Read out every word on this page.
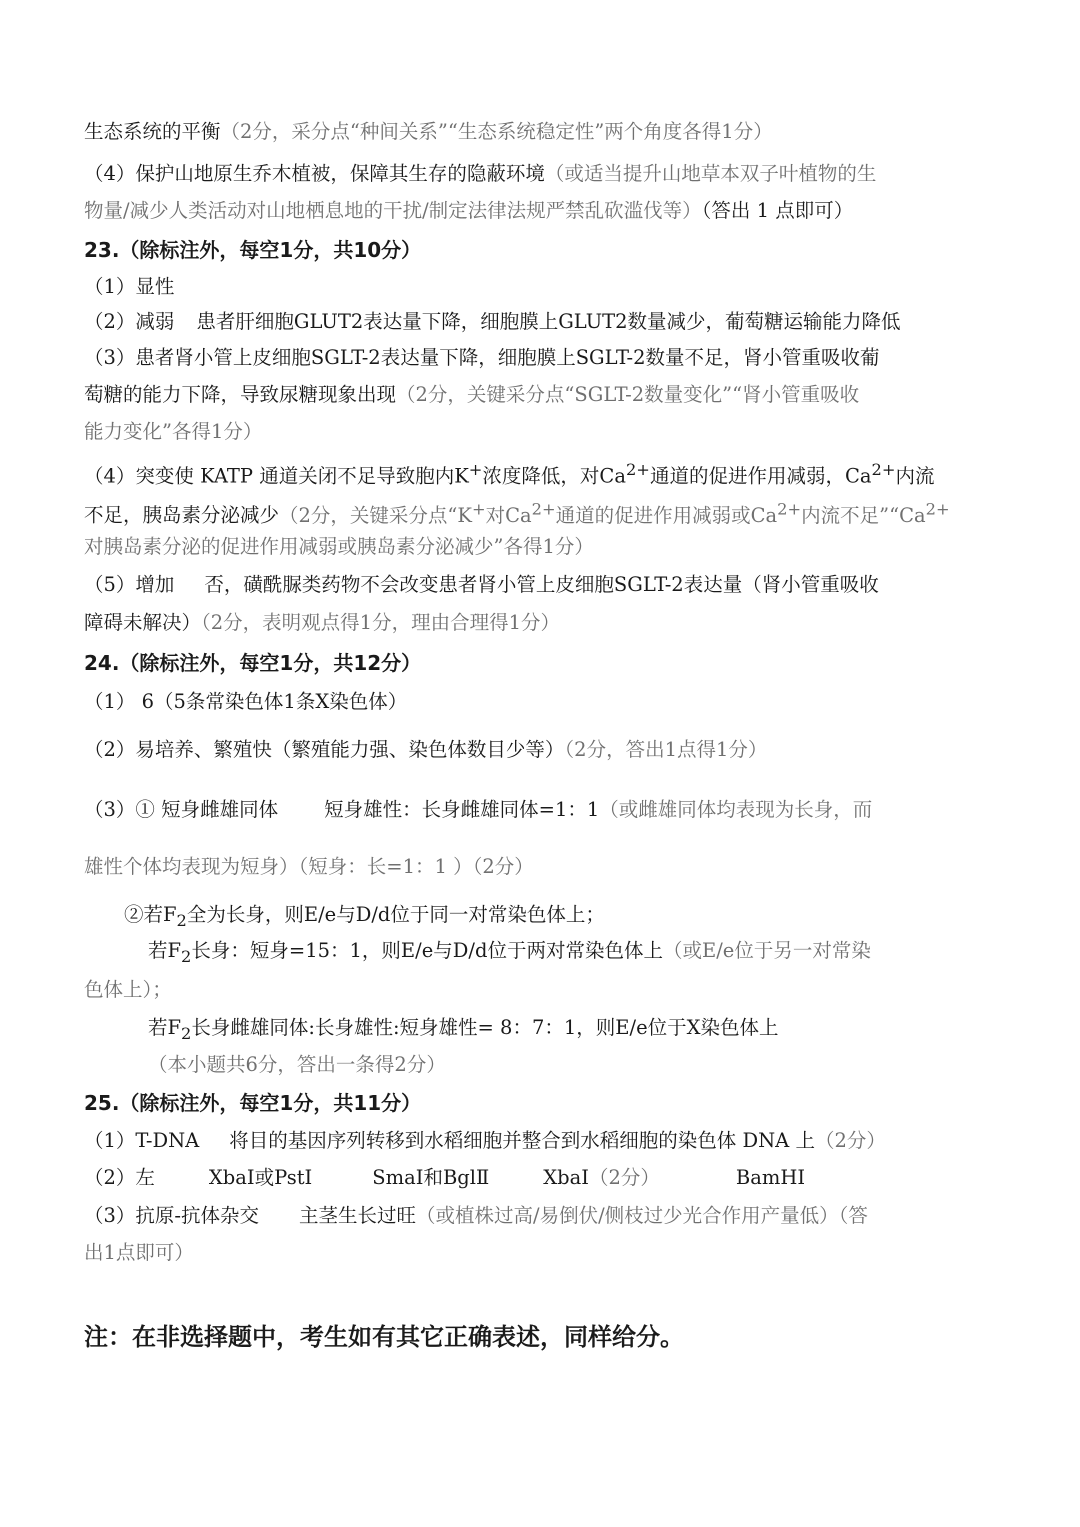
生态系统的平衡（2分，采分点“种间关系”“生态系统稳定性”两个角度各得1分）
（4）保护山地原生乔木植被，保障其生存的隐蔽环境（或适当提升山地草本双子叶植物的生
物量/减少人类活动对山地栖息地的干扰/制定法律法规严禁乱砍滥伐等）（答出 1 点即可）
23.（除标注外，每空1分，共10分）
（1）显性
（2）减弱 患者肝细胞GLUT2表达量下降，细胞膜上GLUT2数量减少，葡萄糖运输能力降低
（3）患者肾小管上皮细胞SGLT-2表达量下降，细胞膜上SGLT-2数量不足，肾小管重吸收葡
萄糖的能力下降，导致尿糖现象出现（2分，关键采分点“SGLT-2数量变化”“肾小管重吸收
能力变化”各得1分）
（4）突变使 KATP 通道关闭不足导致胞内K+浓度降低，对$Ca^{2+}$通道的促进作用减弱，$Ca^{2+}$内流
不足，胰岛素分泌减少（2分，关键采分点“K+对$Ca^{2+}$通道的促进作用减弱或$Ca^{2+}$内流不足$”“Ca^{2+}$
对胰岛素分泌的促进作用减弱或胰岛素分泌减少”各得1分）
（5）增加 否，磺酰脲类药物不会改变患者肾小管上皮细胞SGLT-2表达量（肾小管重吸收
障碍未解决）（2分，表明观点得1分，理由合理得1分）
24.（除标注外，每空1分，共12分）
（1） 6（5条常染色体1条X染色体）
（2）易培养、繁殖快（繁殖能力强、染色体数目少等）（2分，答出1点得1分）
（3）① 短身雌雄同体 短身雄性：长身雌雄同体=1：1（或雌雄同体均表现为长身，而
雄性个体均表现为短身）（短身：长=1：1 ）（2分）
②若$F_2$全为长身，则E/e与D/d位于同一对常染色体上；
若$F_2$长身：短身=15：1，则E/e与D/d位于两对常染色体上（或E/e位于另一对常染
色体上）；
若$F_2$长身雌雄同体:长身雄性:短身雄性= 8：7：1，则E/e位于X染色体上
（本小题共6分，答出一条得2分）
25.（除标注外，每空1分，共11分）
（1）T-DNA 将目的基因序列转移到水稻细胞并整合到水稻细胞的染色体 DNA 上（2分）
（2）左	XbaⅠ或PstⅠ	SmaⅠ和BglⅡ	XbaⅠ（2分）	BamHⅠ
（3）抗原-抗体杂交 主茎生长过旺（或植株过高/易倒伏/侧枝过少光合作用产量低）（答
出1点即可）
注：在非选择题中，考生如有其它正确表述，同样给分。
